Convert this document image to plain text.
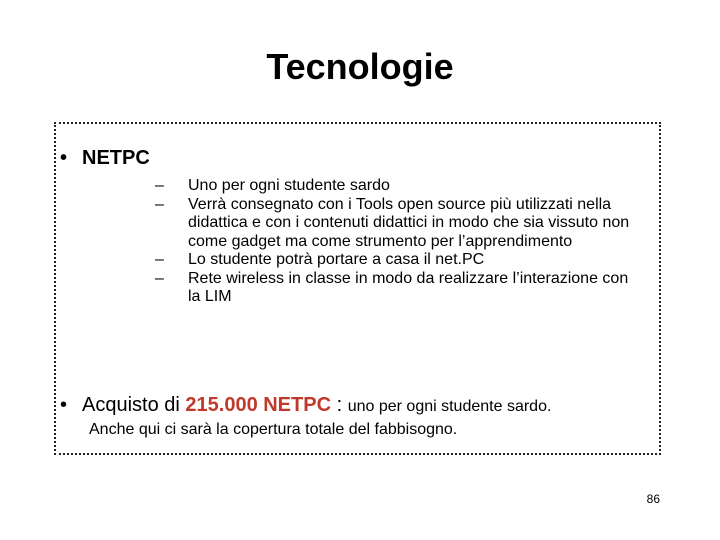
Tecnologie
• NETPC
– Uno per ogni studente sardo
– Verrà consegnato con i Tools open source più utilizzati nella didattica e con i contenuti didattici in modo che sia vissuto non come gadget ma come strumento per l’apprendimento
– Lo studente potrà portare a casa il net.PC
– Rete wireless in classe in modo da realizzare l’interazione con la LIM
• Acquisto di 215.000 NETPC : uno per ogni studente sardo.
Anche qui ci sarà la copertura totale del fabbisogno.
86
